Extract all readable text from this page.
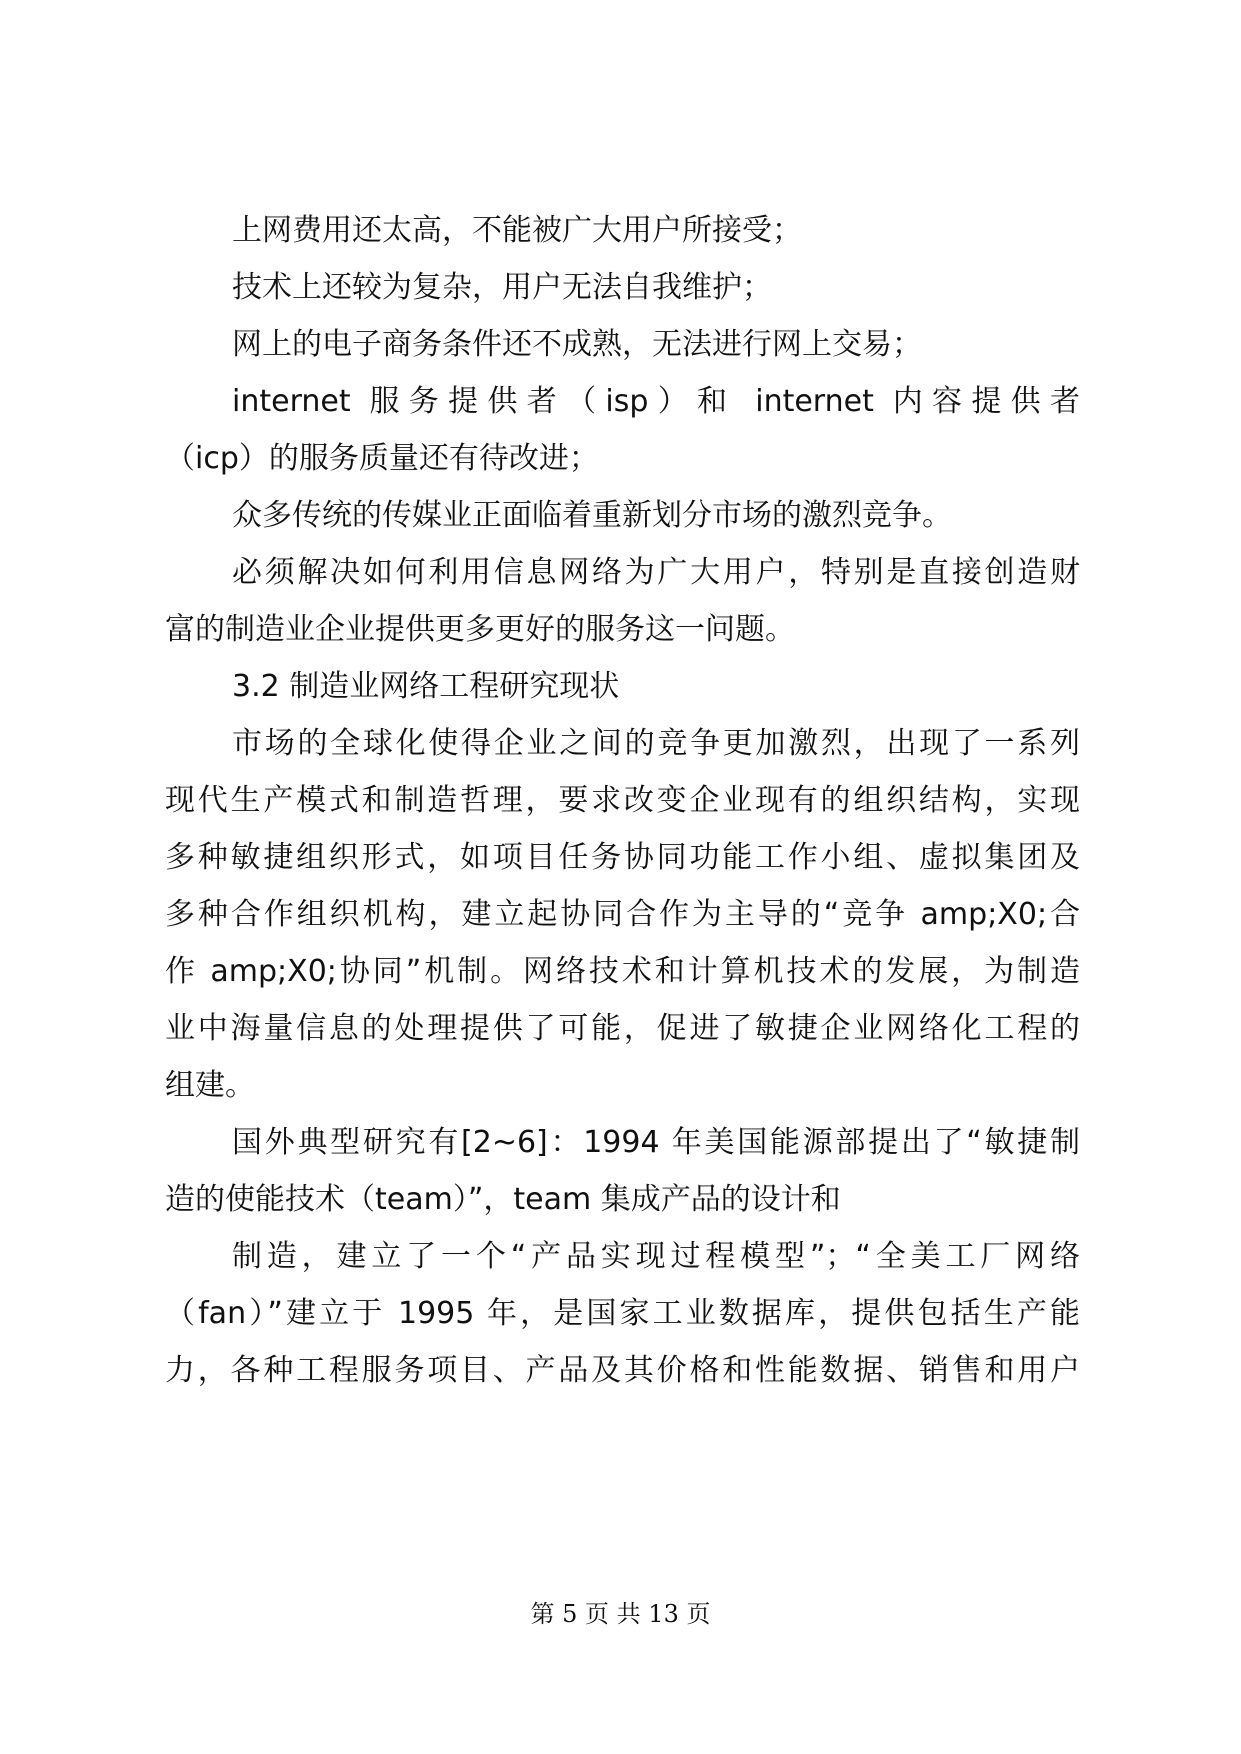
上网费用还太高，不能被广大用户所接受；
技术上还较为复杂，用户无法自我维护；
网上的电子商务条件还不成熟，无法进行网上交易；
internet 服务提供者（isp）和 internet 内容提供者
（icp）的服务质量还有待改进；
众多传统的传媒业正面临着重新划分市场的激烈竞争。
必须解决如何利用信息网络为广大用户，特别是直接创造财
富的制造业企业提供更多更好的服务这一问题。
3.2 制造业网络工程研究现状
市场的全球化使得企业之间的竞争更加激烈，出现了一系列
现代生产模式和制造哲理，要求改变企业现有的组织结构，实现
多种敏捷组织形式，如项目任务协同功能工作小组、虚拟集团及
多种合作组织机构，建立起协同合作为主导的“竞争 amp;X0;合
作 amp;X0;协同”机制。网络技术和计算机技术的发展，为制造
业中海量信息的处理提供了可能，促进了敏捷企业网络化工程的
组建。
国外典型研究有[2~6]：1994 年美国能源部提出了“敏捷制
造的使能技术（team）”，team 集成产品的设计和
制造，建立了一个“产品实现过程模型”；“全美工厂网络
（fan）”建立于 1995 年，是国家工业数据库，提供包括生产能
力，各种工程服务项目、产品及其价格和性能数据、销售和用户
第 5 页 共 13 页
